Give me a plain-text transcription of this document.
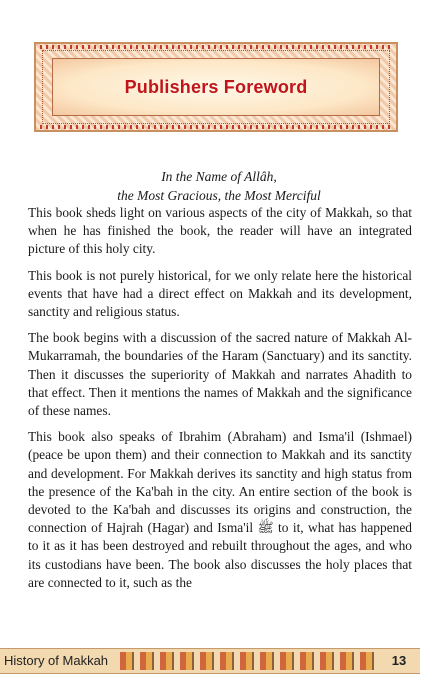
Publishers Foreword
In the Name of Allâh,
the Most Gracious, the Most Merciful

This book sheds light on various aspects of the city of Makkah, so that when he has finished the book, the reader will have an integrated picture of this holy city.

This book is not purely historical, for we only relate here the historical events that have had a direct effect on Makkah and its development, sanctity and religious status.

The book begins with a discussion of the sacred nature of Makkah Al-Mukarramah, the boundaries of the Haram (Sanctuary) and its sanctity. Then it discusses the superiority of Makkah and narrates Ahadith to that effect. Then it mentions the names of Makkah and the significance of these names.

This book also speaks of Ibrahim (Abraham) and Isma'il (Ishmael) (peace be upon them) and their connection to Makkah and its sanctity and development. For Makkah derives its sanctity and high status from the presence of the Ka'bah in the city. An entire section of the book is devoted to the Ka'bah and discusses its origins and construction, the connection of Hajrah (Hagar) and Isma'il ﷺ to it, what has happened to it as it has been destroyed and rebuilt throughout the ages, and who its custodians have been. The book also discusses the holy places that are connected to it, such as the

History of Makkah	13
